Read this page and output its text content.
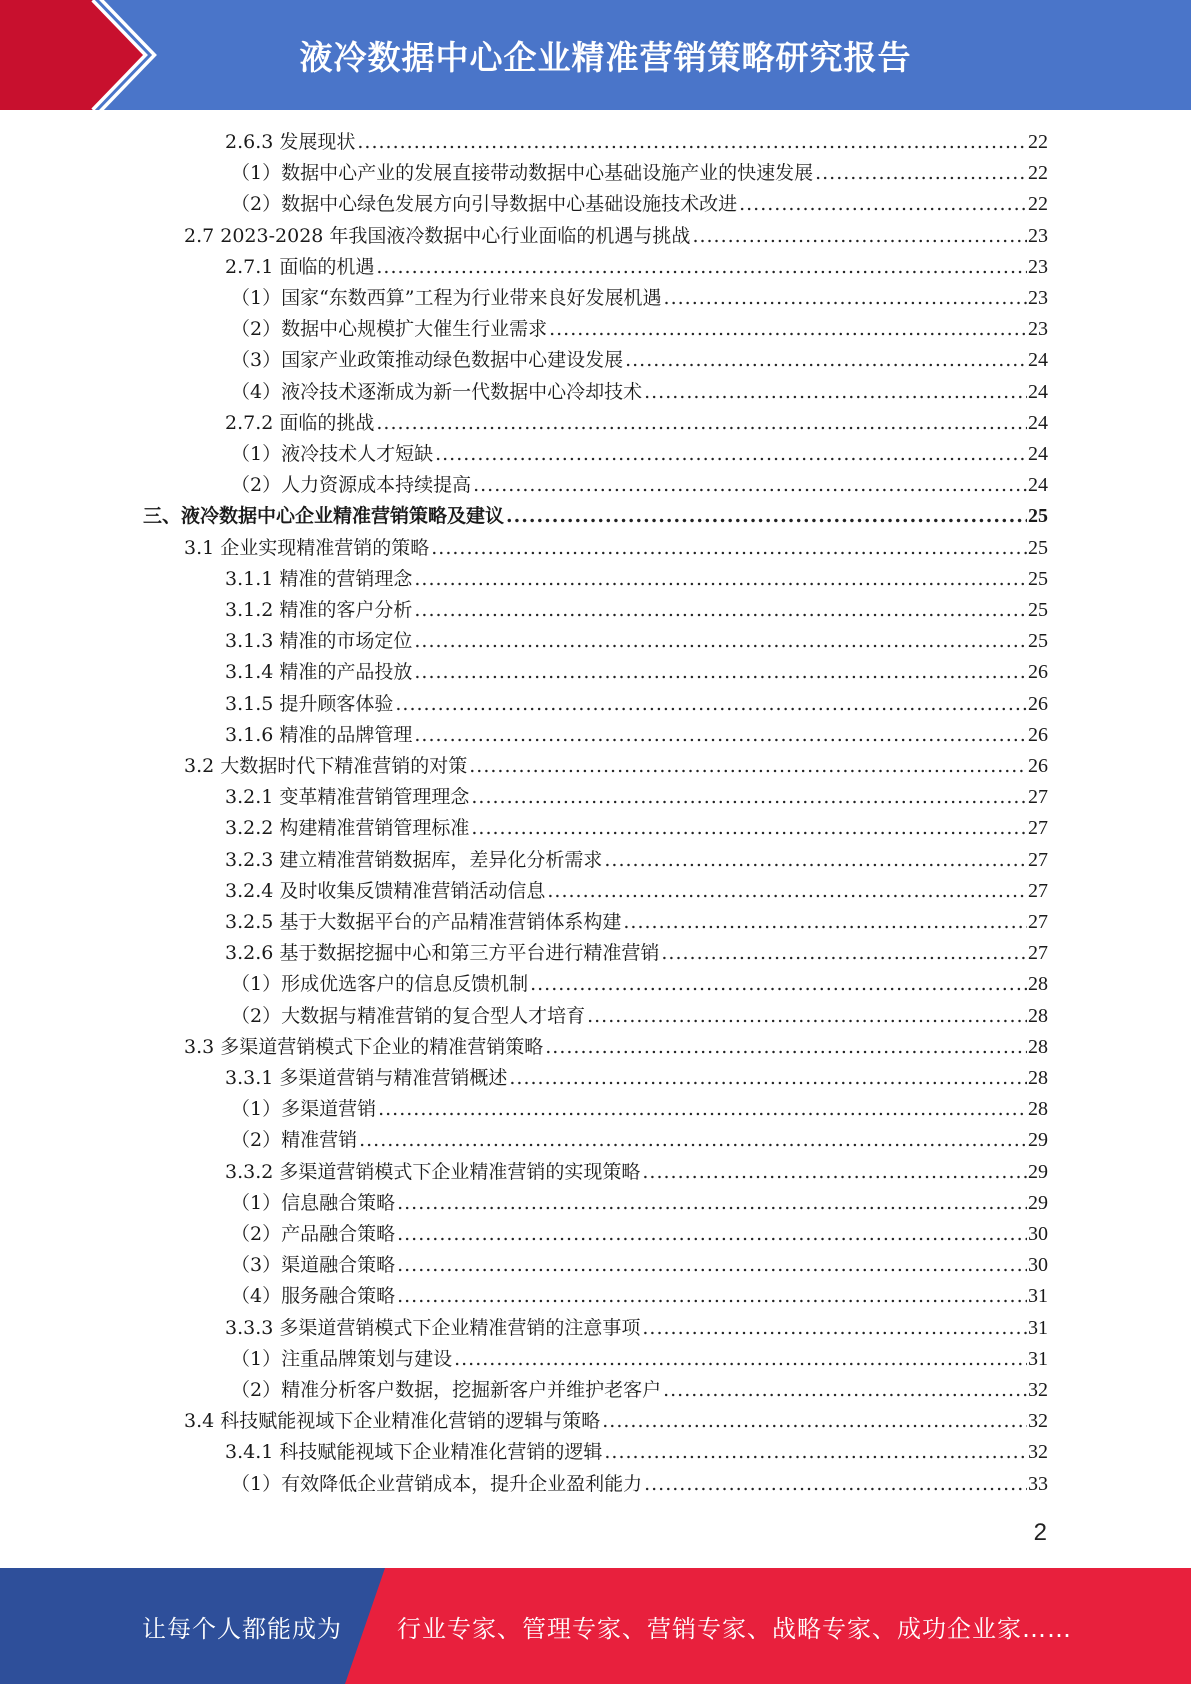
液冷数据中心企业精准营销策略研究报告
2.6.3 发展现状 .....	22
（1）数据中心产业的发展直接带动数据中心基础设施产业的快速发展 .....	22
（2）数据中心绿色发展方向引导数据中心基础设施技术改进 .....	22
2.7 2023-2028 年我国液冷数据中心行业面临的机遇与挑战 .....	23
2.7.1 面临的机遇 .....	23
（1）国家“东数西算”工程为行业带来良好发展机遇 .....	23
（2）数据中心规模扩大催生行业需求 .....	23
（3）国家产业政策推动绿色数据中心建设发展 .....	24
（4）液冷技术逐渐成为新一代数据中心冷却技术 .....	24
2.7.2 面临的挑战 .....	24
（1）液冷技术人才短缺 .....	24
（2）人力资源成本持续提高 .....	24
三、液冷数据中心企业精准营销策略及建议 .....	25
3.1 企业实现精准营销的策略 .....	25
3.1.1 精准的营销理念 .....	25
3.1.2 精准的客户分析 .....	25
3.1.3 精准的市场定位 .....	25
3.1.4 精准的产品投放 .....	26
3.1.5 提升顾客体验 .....	26
3.1.6 精准的品牌管理 .....	26
3.2 大数据时代下精准营销的对策 .....	26
3.2.1 变革精准营销管理理念 .....	27
3.2.2 构建精准营销管理标准 .....	27
3.2.3 建立精准营销数据库，差异化分析需求 .....	27
3.2.4 及时收集反馈精准营销活动信息 .....	27
3.2.5 基于大数据平台的产品精准营销体系构建 .....	27
3.2.6 基于数据挖掘中心和第三方平台进行精准营销 .....	27
（1）形成优选客户的信息反馈机制 .....	28
（2）大数据与精准营销的复合型人才培育 .....	28
3.3 多渠道营销模式下企业的精准营销策略 .....	28
3.3.1 多渠道营销与精准营销概述 .....	28
（1）多渠道营销 .....	28
（2）精准营销 .....	29
3.3.2 多渠道营销模式下企业精准营销的实现策略 .....	29
（1）信息融合策略 .....	29
（2）产品融合策略 .....	30
（3）渠道融合策略 .....	30
（4）服务融合策略 .....	31
3.3.3 多渠道营销模式下企业精准营销的注意事项 .....	31
（1）注重品牌策划与建设 .....	31
（2）精准分析客户数据，挖掘新客户并维护老客户 .....	32
3.4 科技赋能视域下企业精准化营销的逻辑与策略 .....	32
3.4.1 科技赋能视域下企业精准化营销的逻辑 .....	32
（1）有效降低企业营销成本，提升企业盈利能力 .....	33
2
让每个人都能成为 行业专家、管理专家、营销专家、战略专家、成功企业家……
